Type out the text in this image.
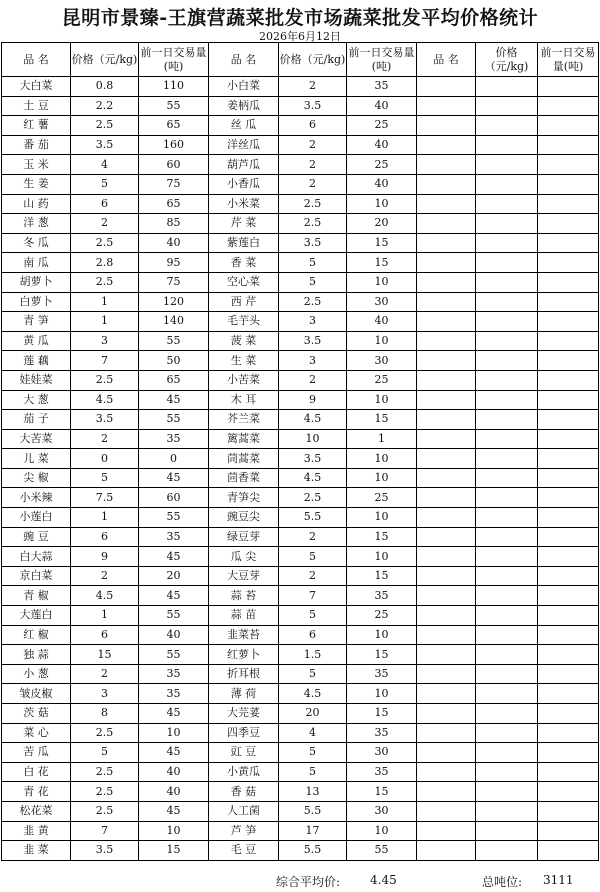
昆明市景臻-王旗营蔬菜批发市场蔬菜批发平均价格统计
2026年6月12日
品 名	价格（元/kg)	前一日交易量(吨)	品 名	价格（元/kg)	前一日交易量(吨)	品 名	价格（元/kg)	前一日交易量(吨)
大白菜	0.8	110	小白菜	2	35			
土 豆	2.2	55	姜柄瓜	3.5	40			
红 薯	2.5	65	丝 瓜	6	25			
番 茄	3.5	160	洋丝瓜	2	40			
玉 米	4	60	葫芦瓜	2	25			
生 姜	5	75	小香瓜	2	40			
山 药	6	65	小米菜	2.5	10			
洋 葱	2	85	芹 菜	2.5	20			
冬 瓜	2.5	40	紫莲白	3.5	15			
南 瓜	2.8	95	香 菜	5	15			
胡萝卜	2.5	75	空心菜	5	10			
白萝卜	1	120	西 芹	2.5	30			
青 笋	1	140	毛芋头	3	40			
黄 瓜	3	55	菠 菜	3.5	10			
莲 藕	7	50	生 菜	3	30			
娃娃菜	2.5	65	小苦菜	2	25			
大 葱	4.5	45	木 耳	9	10			
茄 子	3.5	55	芥兰菜	4.5	15			
大苦菜	2	35	篱蒿菜	10	1			
儿 菜	0	0	茼蒿菜	3.5	10			
尖 椒	5	45	茴香菜	4.5	10			
小米辣	7.5	60	青笋尖	2.5	25			
小莲白	1	55	豌豆尖	5.5	10			
豌 豆	6	35	绿豆芽	2	15			
白大蒜	9	45	瓜 尖	5	10			
京白菜	2	20	大豆芽	2	15			
青 椒	4.5	45	蒜 苔	7	35			
大莲白	1	55	蒜 苗	5	25			
红 椒	6	40	韭菜苔	6	10			
独 蒜	15	55	红萝卜	1.5	15			
小 葱	2	35	折耳根	5	35			
皱皮椒	3	35	薄 荷	4.5	10			
茨 菇	8	45	大芫荽	20	15			
菜 心	2.5	10	四季豆	4	35			
苦 瓜	5	45	豇 豆	5	30			
白 花	2.5	40	小黄瓜	5	35			
青 花	2.5	40	香 菇	13	15			
松花菜	2.5	45	人工菌	5.5	30			
韭 黄	7	10	芦 笋	17	10			
韭 菜	3.5	15	毛 豆	5.5	55			
综合平均价: 4.45	总吨位: 3111
